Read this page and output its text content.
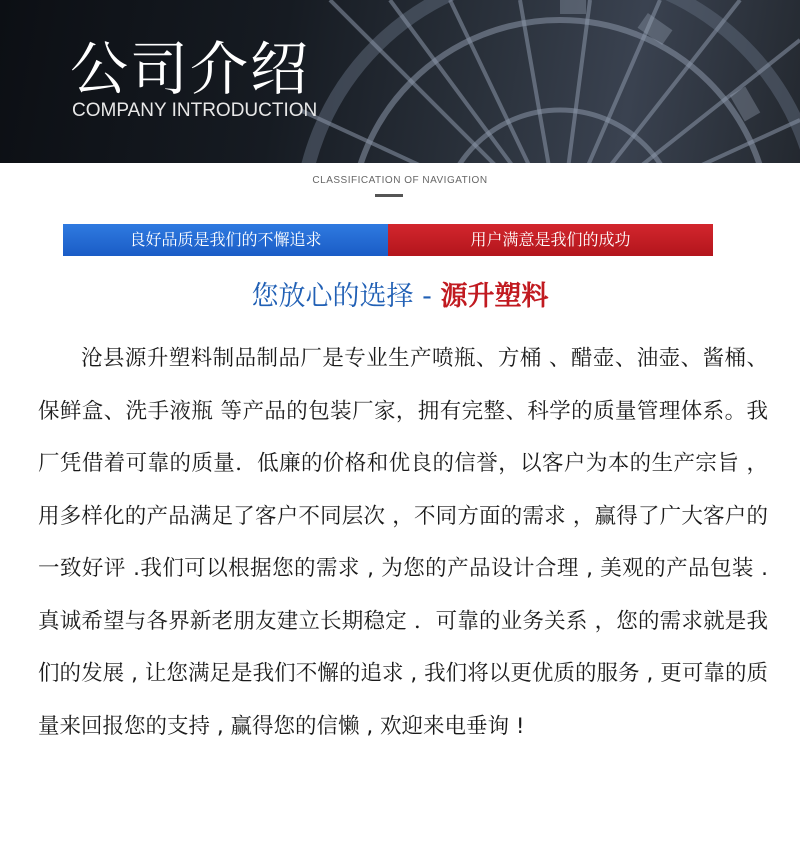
公司介绍
COMPANY INTRODUCTION
CLASSIFICATION OF NAVIGATION
良好品质是我们的不懈追求	用户满意是我们的成功
您放心的选择 - 源升塑料
沧县源升塑料制品制品厂是专业生产喷瓶、方桶 、醋壶、油壶、酱桶、保鲜盒、洗手液瓶 等产品的包装厂家，拥有完整、科学的质量管理体系。我厂凭借着可靠的质量．低廉的价格和优良的信誉，以客户为本的生产宗旨 ，用多样化的产品满足了客户不同层次 ，不同方面的需求 ，赢得了广大客户的一致好评 .我们可以根据您的需求 , 为您的产品设计合理 , 美观的产品包装 . 真诚希望与各界新老朋友建立长期稳定 ．可靠的业务关系 ，您的需求就是我们的发展 , 让您满足是我们不懈的追求 , 我们将以更优质的服务 , 更可靠的质量来回报您的支持 , 赢得您的信懒 , 欢迎来电垂询 !
